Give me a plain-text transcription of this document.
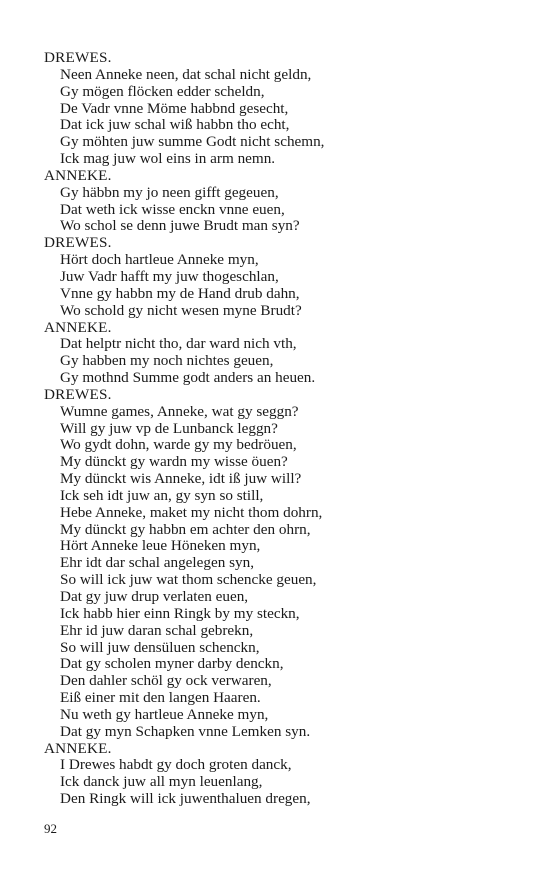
DREWES.
Neen Anneke neen, dat schal nicht geldn,
Gy mögen flöcken edder scheldn,
De Vadr vnne Möme habbnd gesecht,
Dat ick juw schal wiß habbn tho echt,
Gy möhten juw summe Godt nicht schemn,
Ick mag juw wol eins in arm nemn.
ANNEKE.
Gy häbbn my jo neen gifft gegeuen,
Dat weth ick wisse enckn vnne euen,
Wo schol se denn juwe Brudt man syn?
DREWES.
Hört doch hartleue Anneke myn,
Juw Vadr hafft my juw thogeschlan,
Vnne gy habbn my de Hand drub dahn,
Wo schold gy nicht wesen myne Brudt?
ANNEKE.
Dat helptr nicht tho, dar ward nich vth,
Gy habben my noch nichtes geuen,
Gy mothnd Summe godt anders an heuen.
DREWES.
Wumne games, Anneke, wat gy seggn?
Will gy juw vp de Lunbanck leggn?
Wo gydt dohn, warde gy my bedröuen,
My dünckt gy wardn my wisse öuen?
My dünckt wis Anneke, idt iß juw will?
Ick seh idt juw an, gy syn so still,
Hebe Anneke, maket my nicht thom dohrn,
My dünckt gy habbn em achter den ohrn,
Hört Anneke leue Höneken myn,
Ehr idt dar schal angelegen syn,
So will ick juw wat thom schencke geuen,
Dat gy juw drup verlaten euen,
Ick habb hier einn Ringk by my steckn,
Ehr id juw daran schal gebrekn,
So will juw densüluen schenckn,
Dat gy scholen myner darby denckn,
Den dahler schöl gy ock verwaren,
Eiß einer mit den langen Haaren.
Nu weth gy hartleue Anneke myn,
Dat gy myn Schapken vnne Lemken syn.
ANNEKE.
I Drewes habdt gy doch groten danck,
Ick danck juw all myn leuenlang,
Den Ringk will ick juwenthaluen dregen,
92
